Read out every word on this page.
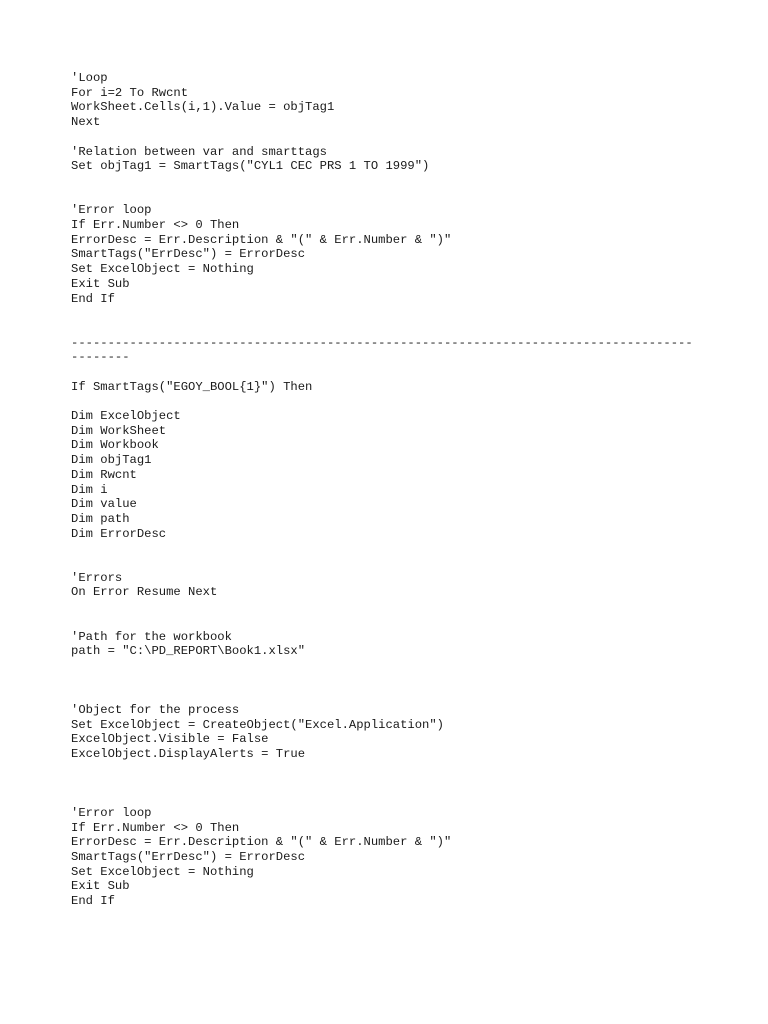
'Loop
For i=2 To Rwcnt
WorkSheet.Cells(i,1).Value = objTag1
Next
'Relation between var and smarttags
Set objTag1 = SmartTags("CYL1 CEC PRS 1 TO 1999")
'Error loop
If Err.Number <> 0 Then
ErrorDesc = Err.Description & "(" & Err.Number & ")"
SmartTags("ErrDesc") = ErrorDesc
Set ExcelObject = Nothing
Exit Sub
End If
-------------------------------------------------------------------------------------
--------
If SmartTags("EGOY_BOOL{1}") Then
Dim ExcelObject
Dim WorkSheet
Dim Workbook
Dim objTag1
Dim Rwcnt
Dim i
Dim value
Dim path
Dim ErrorDesc
'Errors
On Error Resume Next
'Path for the workbook
path = "C:\PD_REPORT\Book1.xlsx"
'Object for the process
Set ExcelObject = CreateObject("Excel.Application")
ExcelObject.Visible = False
ExcelObject.DisplayAlerts = True
'Error loop
If Err.Number <> 0 Then
ErrorDesc = Err.Description & "(" & Err.Number & ")"
SmartTags("ErrDesc") = ErrorDesc
Set ExcelObject = Nothing
Exit Sub
End If
